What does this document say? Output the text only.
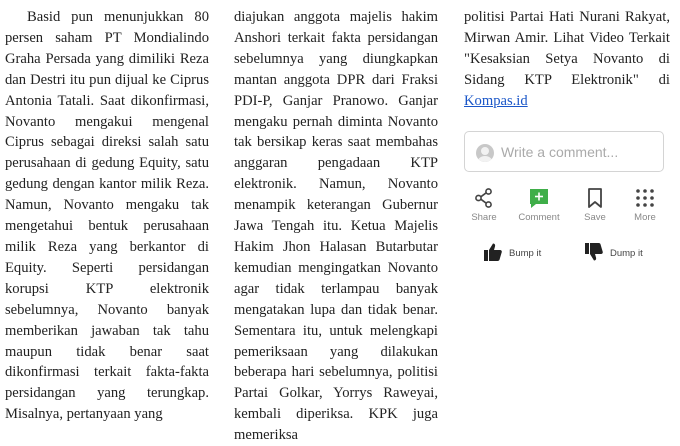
Basid pun menunjukkan 80 persen saham PT Mondialindo Graha Persada yang dimiliki Reza dan Destri itu pun dijual ke Ciprus Antonia Tatali. Saat dikonfirmasi, Novanto mengakui mengenal Ciprus sebagai direksi salah satu perusahaan di gedung Equity, satu gedung dengan kantor milik Reza. Namun, Novanto mengaku tak mengetahui bentuk perusahaan milik Reza yang berkantor di Equity. Seperti persidangan korupsi KTP elektronik sebelumnya, Novanto banyak memberikan jawaban tak tahu maupun tidak benar saat dikonfirmasi terkait fakta-fakta persidangan yang terungkap. Misalnya, pertanyaan yang

diajukan anggota majelis hakim Anshori terkait fakta persidangan sebelumnya yang diungkapkan mantan anggota DPR dari Fraksi PDI-P, Ganjar Pranowo. Ganjar mengaku pernah diminta Novanto tak bersikap keras saat membahas anggaran pengadaan KTP elektronik. Namun, Novanto menampik keterangan Gubernur Jawa Tengah itu. Ketua Majelis Hakim Jhon Halasan Butarbutar kemudian mengingatkan Novanto agar tidak terlampau banyak mengatakan lupa dan tidak benar. Sementara itu, untuk melengkapi pemeriksaan yang dilakukan beberapa hari sebelumnya, politisi Partai Golkar, Yorrys Raweyai, kembali diperiksa. KPK juga memeriksa

politisi Partai Hati Nurani Rakyat, Mirwan Amir. Lihat Video Terkait "Kesaksian Setya Novanto di Sidang KTP Elektronik" di Kompas.id

Write a comment...
Share	Comment	Save	More
Bump it	Dump it
